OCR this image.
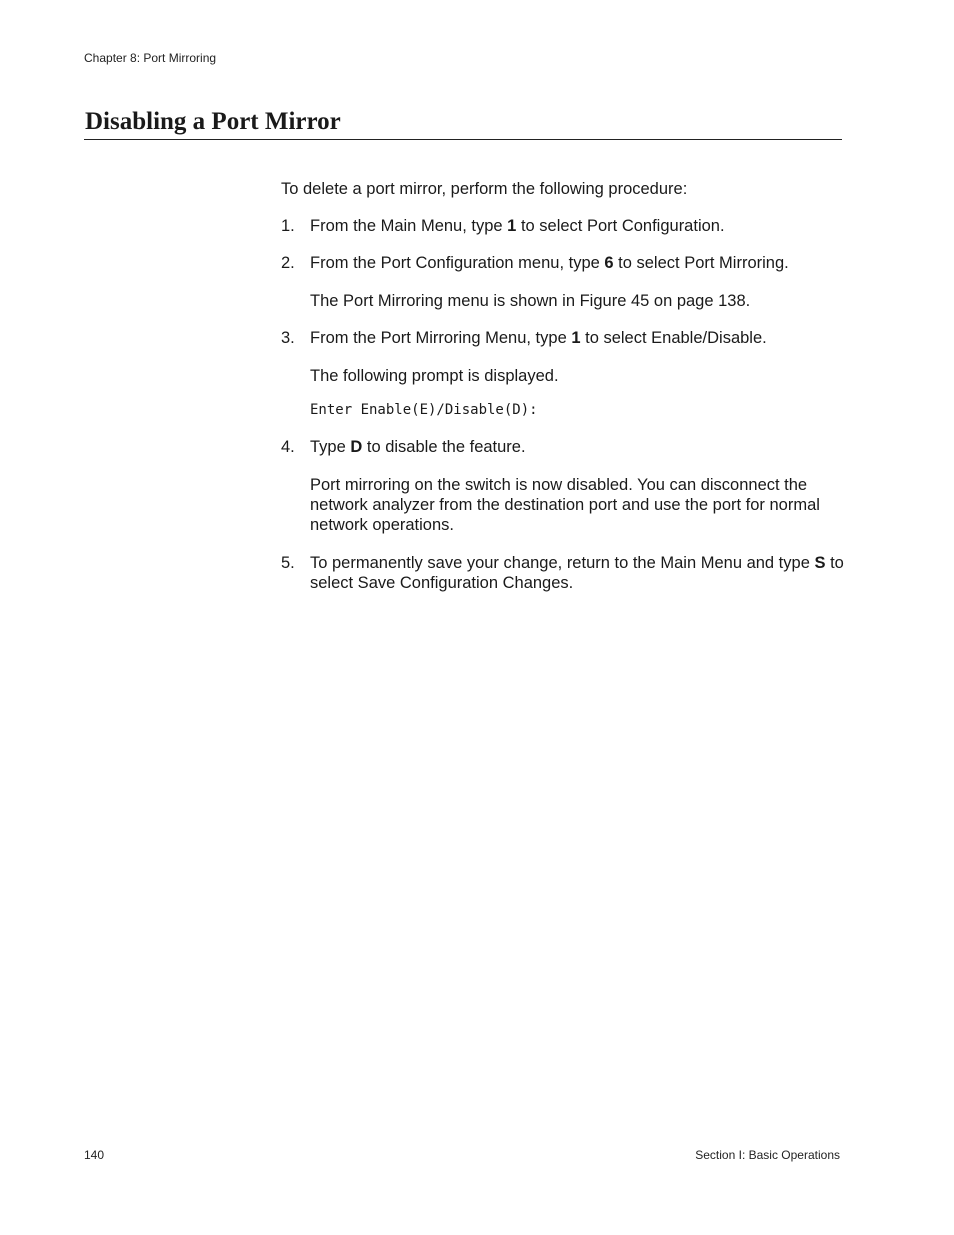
Chapter 8: Port Mirroring
Disabling a Port Mirror
To delete a port mirror, perform the following procedure:
1. From the Main Menu, type 1 to select Port Configuration.
2. From the Port Configuration menu, type 6 to select Port Mirroring.
The Port Mirroring menu is shown in Figure 45 on page 138.
3. From the Port Mirroring Menu, type 1 to select Enable/Disable.
The following prompt is displayed.
Enter Enable(E)/Disable(D):
4. Type D to disable the feature.
Port mirroring on the switch is now disabled. You can disconnect the network analyzer from the destination port and use the port for normal network operations.
5. To permanently save your change, return to the Main Menu and type S to select Save Configuration Changes.
140	Section I: Basic Operations
